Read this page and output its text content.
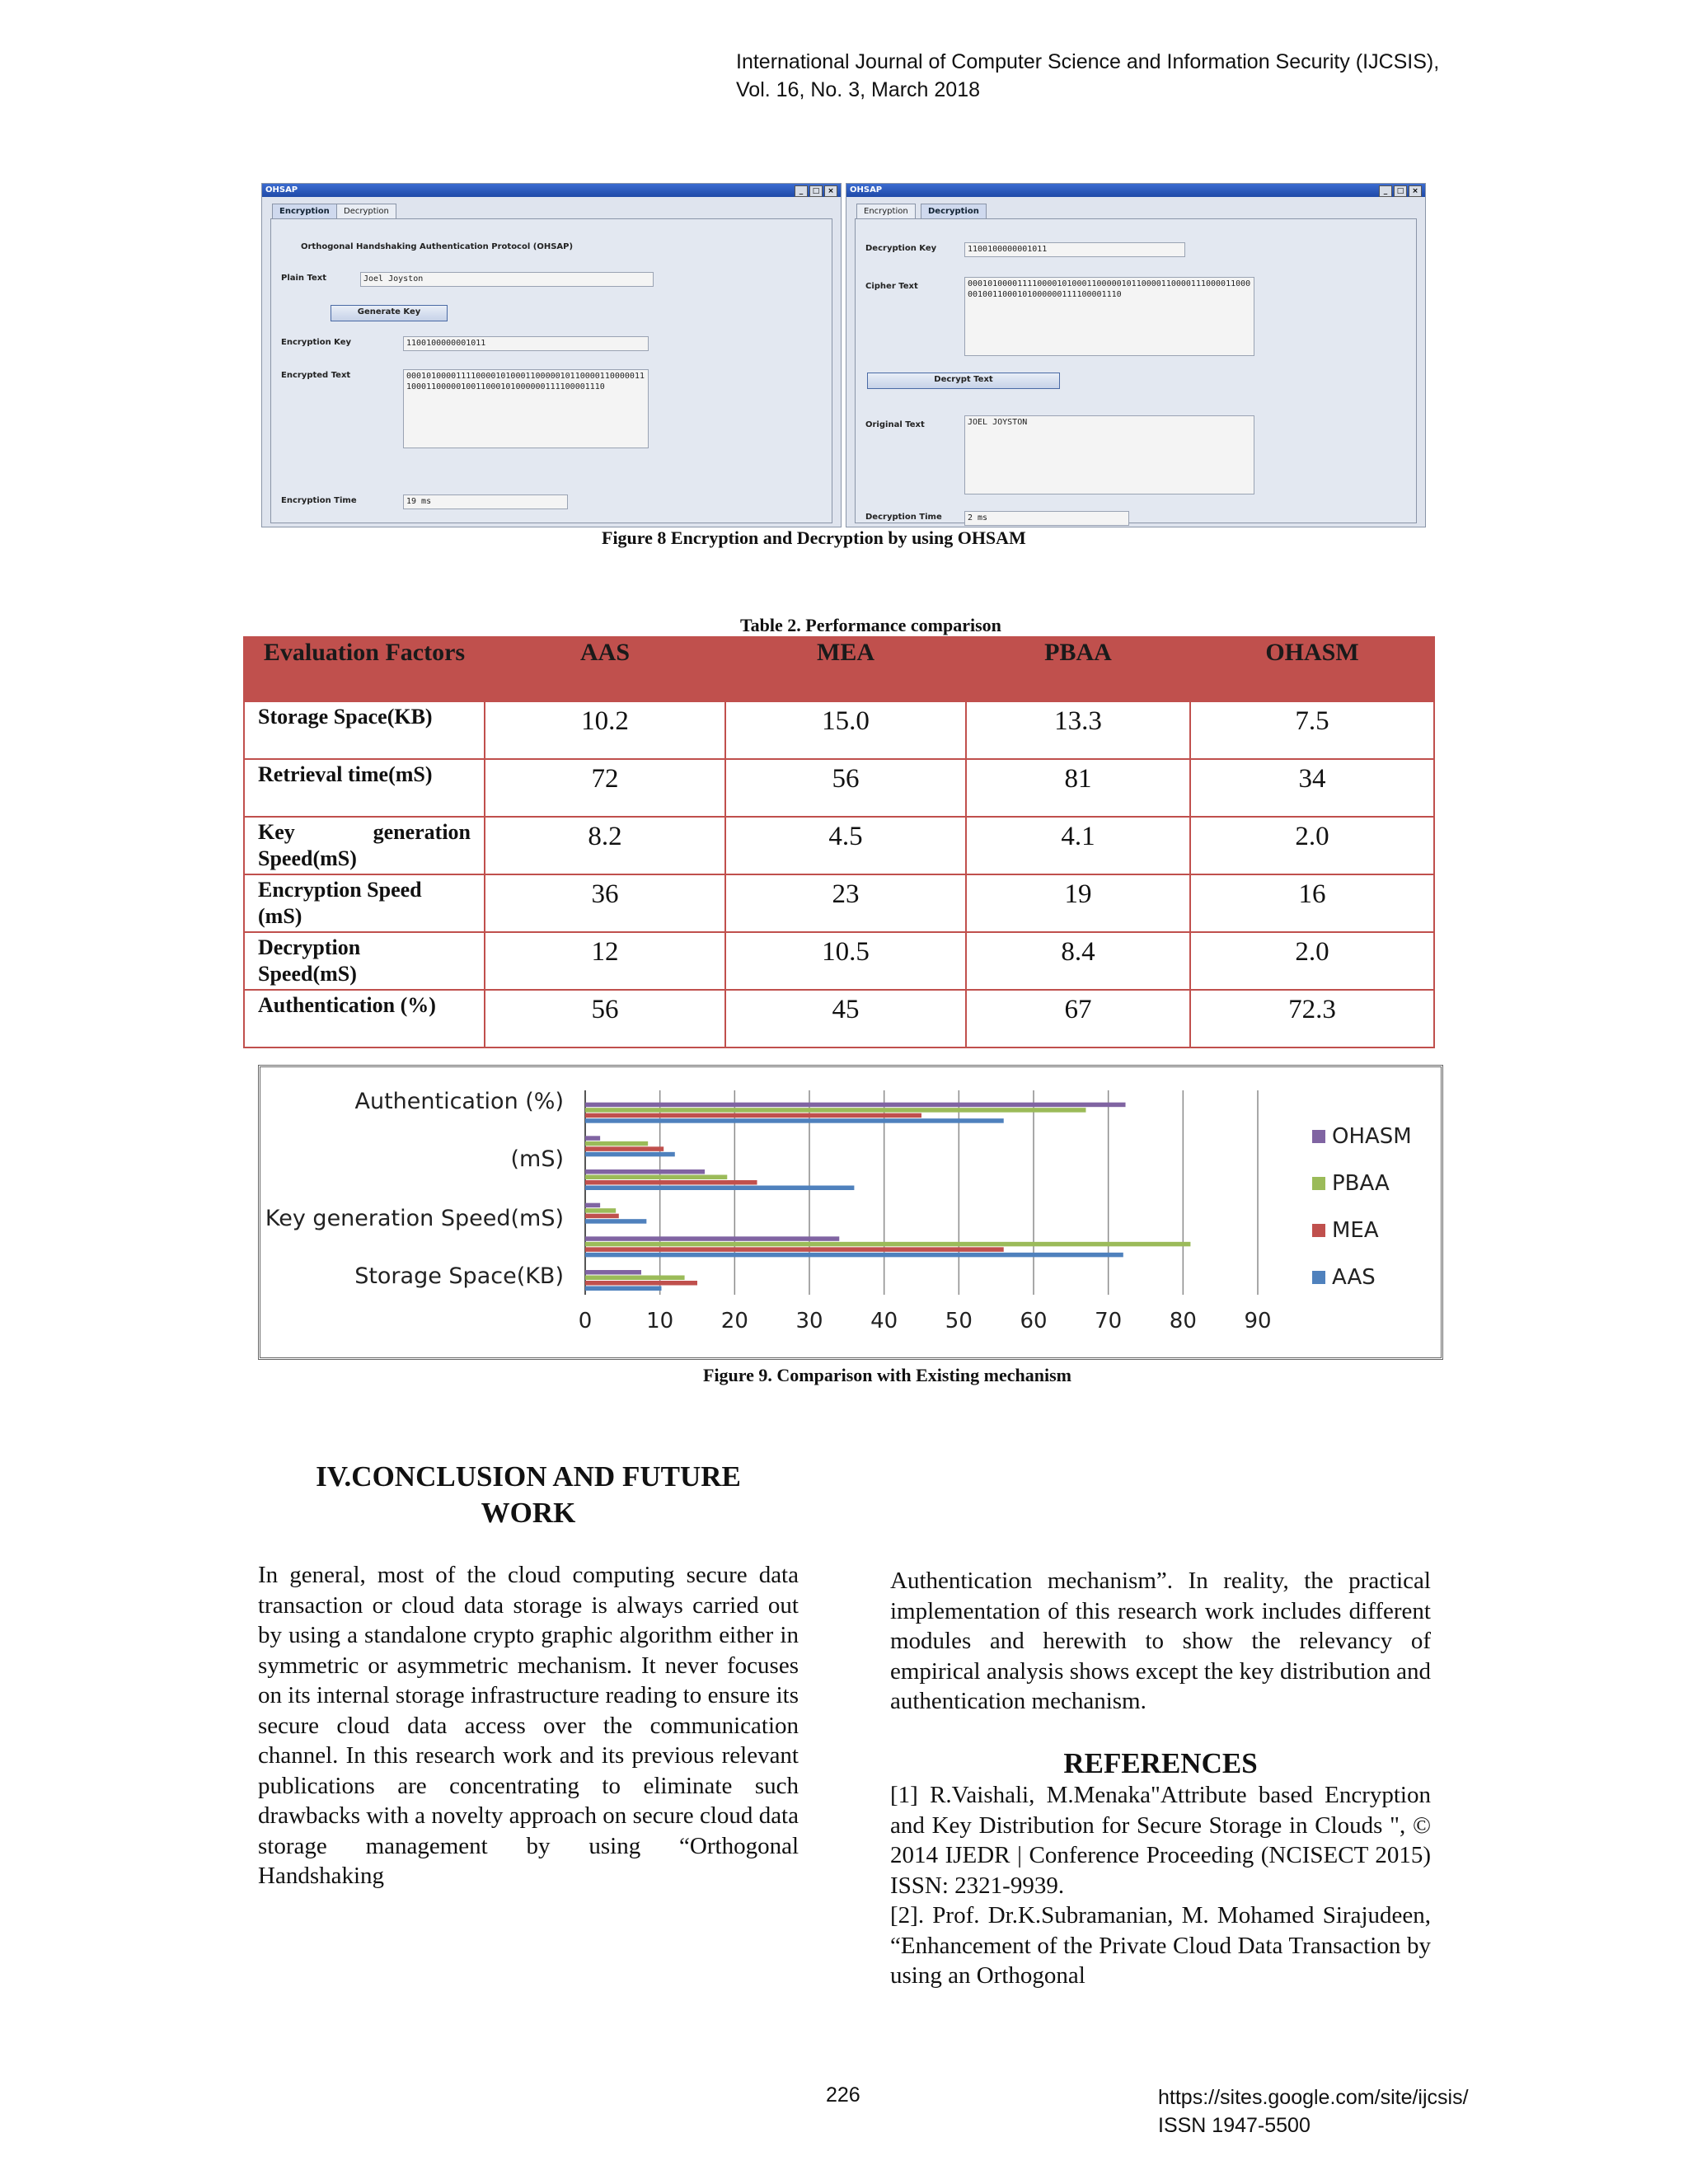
International Journal of Computer Science and Information Security (IJCSIS),
Vol. 16, No. 3, March 2018
OHSAP	_	□	×
Encryption	Decryption
Orthogonal Handshaking Authentication Protocol (OHSAP)
Plain Text	Joel Joyston
Generate Key
Encryption Key	1100100000001011
Encrypted Text	0001010000111100001010001100000101100001100000111000110000010011000101000000111100001110
Encryption Time	19 ms
OHSAP	_	□	×
Encryption	Decryption
Decryption Key	1100100000001011
Cipher Text	0001010000111100001010001100000101100001100001110000110000010011000101000000111100001110
Decrypt Text
Original Text	JOEL JOYSTON
Decryption Time	2 ms
Figure 8 Encryption and Decryption by using OHSAM
Table 2. Performance comparison
Evaluation Factors	AAS	MEA	PBAA	OHASM
Storage Space(KB)	10.2	15.0	13.3	7.5
Retrieval time(mS)	72	56	81	34

Key generation
Speed(mS)	8.2	4.5	4.1	2.0

Encryption Speed
(mS)	36	23	19	16

Decryption
Speed(mS)	12	10.5	8.4	2.0
Authentication (%)	56	45	67	72.3
0	10 20 30 40 50 60 70 80 90
Storage Space(KB)
Key generation Speed(mS)
(mS)
Authentication (%)
OHASM
PBAA
MEA
AAS
Figure 9. Comparison with Existing mechanism
IV.CONCLUSION AND FUTURE
WORK
In general, most of the cloud computing secure data transaction or cloud data storage is always carried out by using a standalone crypto graphic algorithm either in symmetric or asymmetric mechanism. It never focuses on its internal storage infrastructure reading to ensure its secure cloud data access over the communication channel. In this research work and its previous relevant publications are concentrating to eliminate such drawbacks with a novelty approach on secure cloud data storage management by using “Orthogonal Handshaking
Authentication mechanism”. In reality, the practical implementation of this research work includes different modules and herewith to show the relevancy of empirical analysis shows except the key distribution and authentication mechanism.
REFERENCES
[1] R.Vaishali, M.Menaka"Attribute based Encryption and Key Distribution for Secure Storage in Clouds ", © 2014 IJEDR | Conference Proceeding (NCISECT 2015) ISSN: 2321-9939.
[2]. Prof. Dr.K.Subramanian, M. Mohamed Sirajudeen, “Enhancement of the Private Cloud Data Transaction by using an Orthogonal
226	https://sites.google.com/site/ijcsis/
ISSN 1947-5500
